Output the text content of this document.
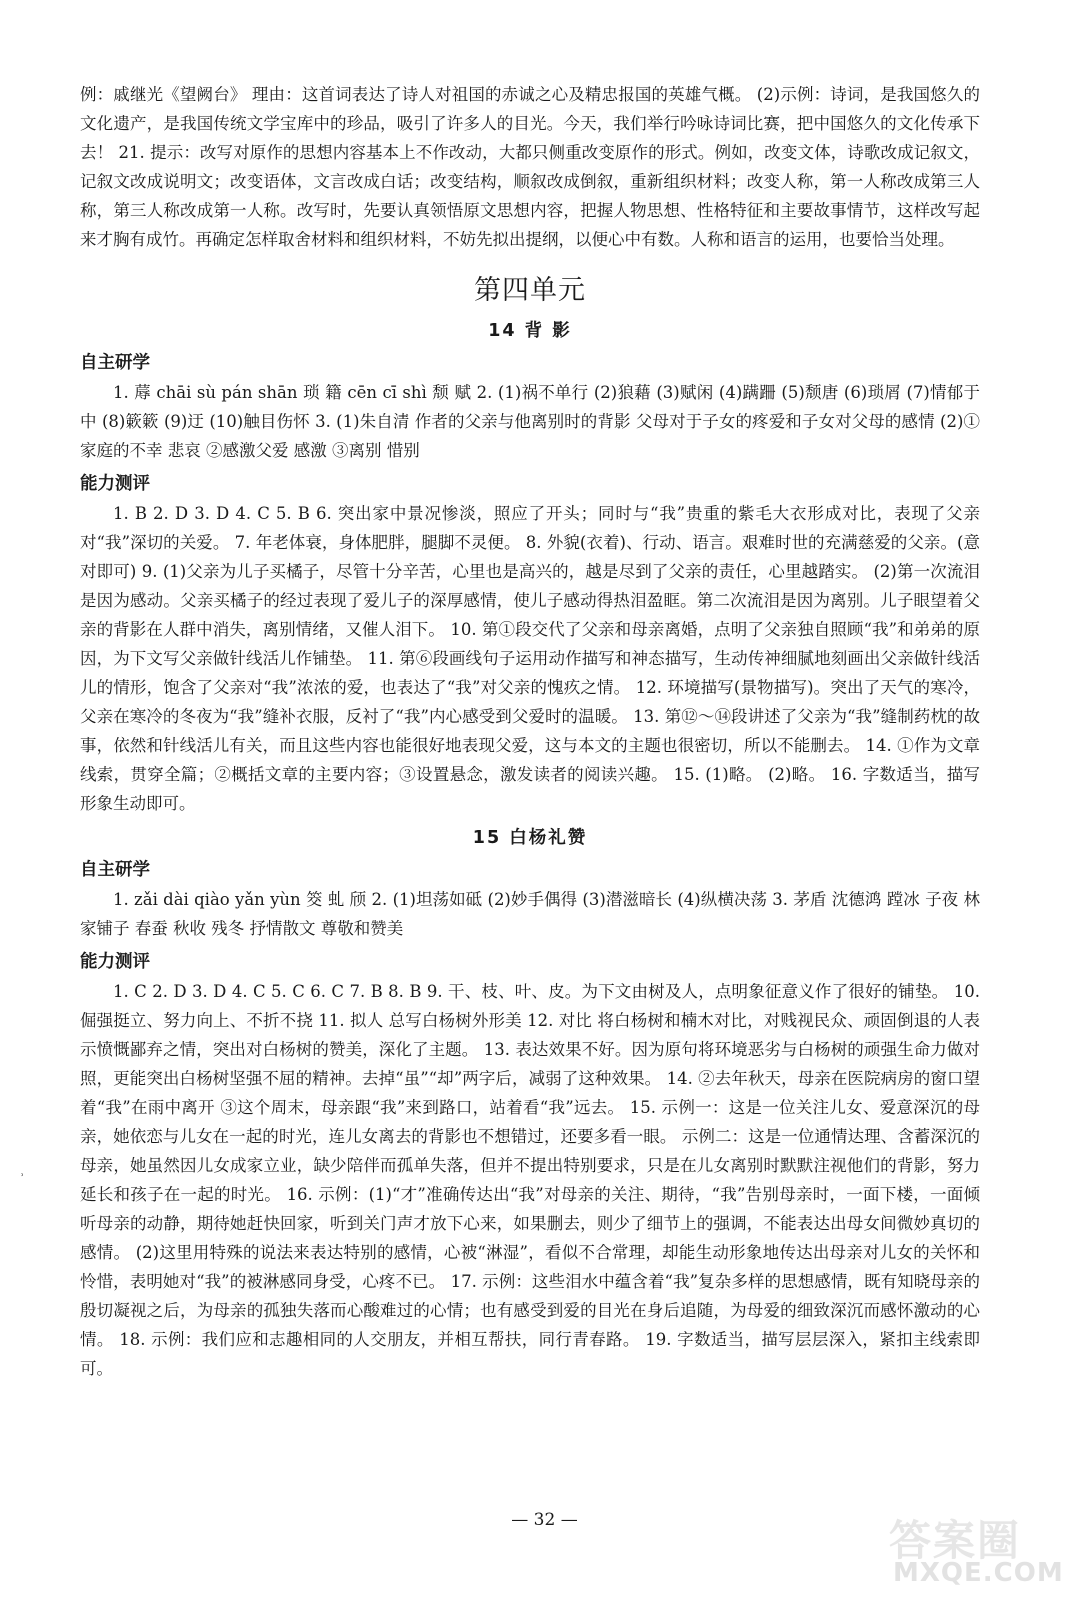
例：戚继光《望阙台》 理由：这首词表达了诗人对祖国的赤诚之心及精忠报国的英雄气概。 (2)示例：诗词，是我国悠久的文化遗产，是我国传统文学宝库中的珍品，吸引了许多人的目光。今天，我们举行吟咏诗词比赛，把中国悠久的文化传承下去！ 21. 提示：改写对原作的思想内容基本上不作改动，大都只侧重改变原作的形式。例如，改变文体，诗歌改成记叙文，记叙文改成说明文；改变语体，文言改成白话；改变结构，顺叙改成倒叙，重新组织材料；改变人称，第一人称改成第三人称，第三人称改成第一人称。改写时，先要认真领悟原文思想内容，把握人物思想、性格特征和主要故事情节，这样改写起来才胸有成竹。再确定怎样取舍材料和组织材料，不妨先拟出提纲，以便心中有数。人称和语言的运用，也要恰当处理。

第四单元
14 背 影
自主研学

1. 蓐 chāi sù pán shān 琐 籍 cēn cī shì 颓 赋 2. (1)祸不单行 (2)狼藉 (3)赋闲 (4)蹒跚 (5)颓唐 (6)琐屑 (7)情郁于中 (8)簌簌 (9)迂 (10)触目伤怀 3. (1)朱自清 作者的父亲与他离别时的背影 父母对于子女的疼爱和子女对父母的感情 (2)①家庭的不幸 悲哀 ②感激父爱 感激 ③离别 惜别

能力测评

1. B 2. D 3. D 4. C 5. B 6. 突出家中景况惨淡，照应了开头；同时与“我”贵重的紫毛大衣形成对比，表现了父亲对“我”深切的关爱。 7. 年老体衰，身体肥胖，腿脚不灵便。 8. 外貌(衣着)、行动、语言。艰难时世的充满慈爱的父亲。(意对即可) 9. (1)父亲为儿子买橘子，尽管十分辛苦，心里也是高兴的，越是尽到了父亲的责任，心里越踏实。 (2)第一次流泪是因为感动。父亲买橘子的经过表现了爱儿子的深厚感情，使儿子感动得热泪盈眶。第二次流泪是因为离别。儿子眼望着父亲的背影在人群中消失，离别情绪，又催人泪下。 10. 第①段交代了父亲和母亲离婚，点明了父亲独自照顾“我”和弟弟的原因，为下文写父亲做针线活儿作铺垫。 11. 第⑥段画线句子运用动作描写和神态描写，生动传神细腻地刻画出父亲做针线活儿的情形，饱含了父亲对“我”浓浓的爱，也表达了“我”对父亲的愧疚之情。 12. 环境描写(景物描写)。突出了天气的寒冷，父亲在寒冷的冬夜为“我”缝补衣服，反衬了“我”内心感受到父爱时的温暖。 13. 第⑫～⑭段讲述了父亲为“我”缝制药枕的故事，依然和针线活儿有关，而且这些内容也能很好地表现父爱，这与本文的主题也很密切，所以不能删去。 14. ①作为文章线索，贯穿全篇；②概括文章的主要内容；③设置悬念，激发读者的阅读兴趣。 15. (1)略。 (2)略。 16. 字数适当，描写形象生动即可。

15 白杨礼赞
自主研学

1. zǎi dài qiào yǎn yùn 筊 虬 颀 2. (1)坦荡如砥 (2)妙手偶得 (3)潜滋暗长 (4)纵横决荡 3. 茅盾 沈德鸿 蹚冰 子夜 林家铺子 春蚕 秋收 残冬 抒情散文 尊敬和赞美

能力测评

1. C 2. D 3. D 4. C 5. C 6. C 7. B 8. B 9. 干、枝、叶、皮。为下文由树及人，点明象征意义作了很好的铺垫。 10. 倔强挺立、努力向上、不折不挠 11. 拟人 总写白杨树外形美 12. 对比 将白杨树和楠木对比，对贱视民众、顽固倒退的人表示愤慨鄙弃之情，突出对白杨树的赞美，深化了主题。 13. 表达效果不好。因为原句将环境恶劣与白杨树的顽强生命力做对照，更能突出白杨树坚强不屈的精神。去掉“虽”“却”两字后，减弱了这种效果。 14. ②去年秋天，母亲在医院病房的窗口望着“我”在雨中离开 ③这个周末，母亲跟“我”来到路口，站着看“我”远去。 15. 示例一：这是一位关注儿女、爱意深沉的母亲，她依恋与儿女在一起的时光，连儿女离去的背影也不想错过，还要多看一眼。 示例二：这是一位通情达理、含蓄深沉的母亲，她虽然因儿女成家立业，缺少陪伴而孤单失落，但并不提出特别要求，只是在儿女离别时默默注视他们的背影，努力延长和孩子在一起的时光。 16. 示例：(1)“才”准确传达出“我”对母亲的关注、期待，“我”告别母亲时，一面下楼，一面倾听母亲的动静，期待她赶快回家，听到关门声才放下心来，如果删去，则少了细节上的强调，不能表达出母女间微妙真切的感情。 (2)这里用特殊的说法来表达特别的感情，心被“淋湿”，看似不合常理，却能生动形象地传达出母亲对儿女的关怀和怜惜，表明她对“我”的被淋感同身受，心疼不已。 17. 示例：这些泪水中蕴含着“我”复杂多样的思想感情，既有知晓母亲的殷切凝视之后，为母亲的孤独失落而心酸难过的心情；也有感受到爱的目光在身后追随，为母爱的细致深沉而感怀激动的心情。 18. 示例：我们应和志趣相同的人交朋友，并相互帮扶，同行青春路。 19. 字数适当，描写层层深入，紧扣主线索即可。

⸒
— 32 —	答案圈
MXQE.COM
